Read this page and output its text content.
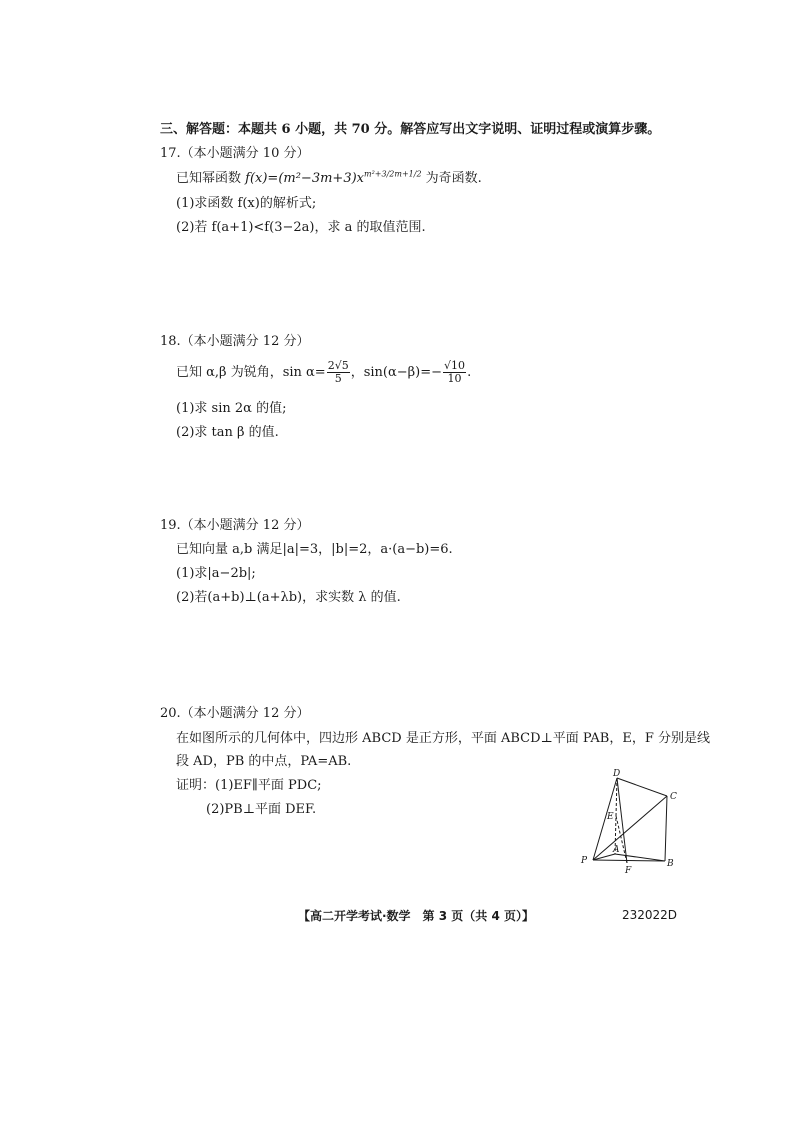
三、解答题：本题共 6 小题，共 70 分。解答应写出文字说明、证明过程或演算步骤。
17.（本小题满分 10 分）
已知幂函数 $f(x)=(m^2-3m+3)x^{m^2+3/2m+1/2}$ 为奇函数.
(1)求函数 f(x)的解析式;
(2)若 f(a+1)<f(3−2a)，求 a 的取值范围.
18.（本小题满分 12 分）
已知 α,β 为锐角，$\sin \alpha= \frac{2√5}{5}$ ，$\sin(\alpha-\beta)=- \frac{√10}{10}$ .
(1)求 sin 2α 的值;
(2)求 tan β 的值.
19.（本小题满分 12 分）
已知向量 a,b 满足|a|=3，|b|=2，a·(a−b)=6.
(1)求|a−2b|;
(2)若(a+b)⊥(a+λb)，求实数 λ 的值.
20.（本小题满分 12 分）
在如图所示的几何体中，四边形 ABCD 是正方形，平面 ABCD⊥平面 PAB，E，F 分别是线
段 AD，PB 的中点，PA=AB.
证明：(1)EF∥平面 PDC;
(2)PB⊥平面 DEF.
D
C
E
A
P	B
F
【高二开学考试·数学　第 3 页（共 4 页）】	232022D
